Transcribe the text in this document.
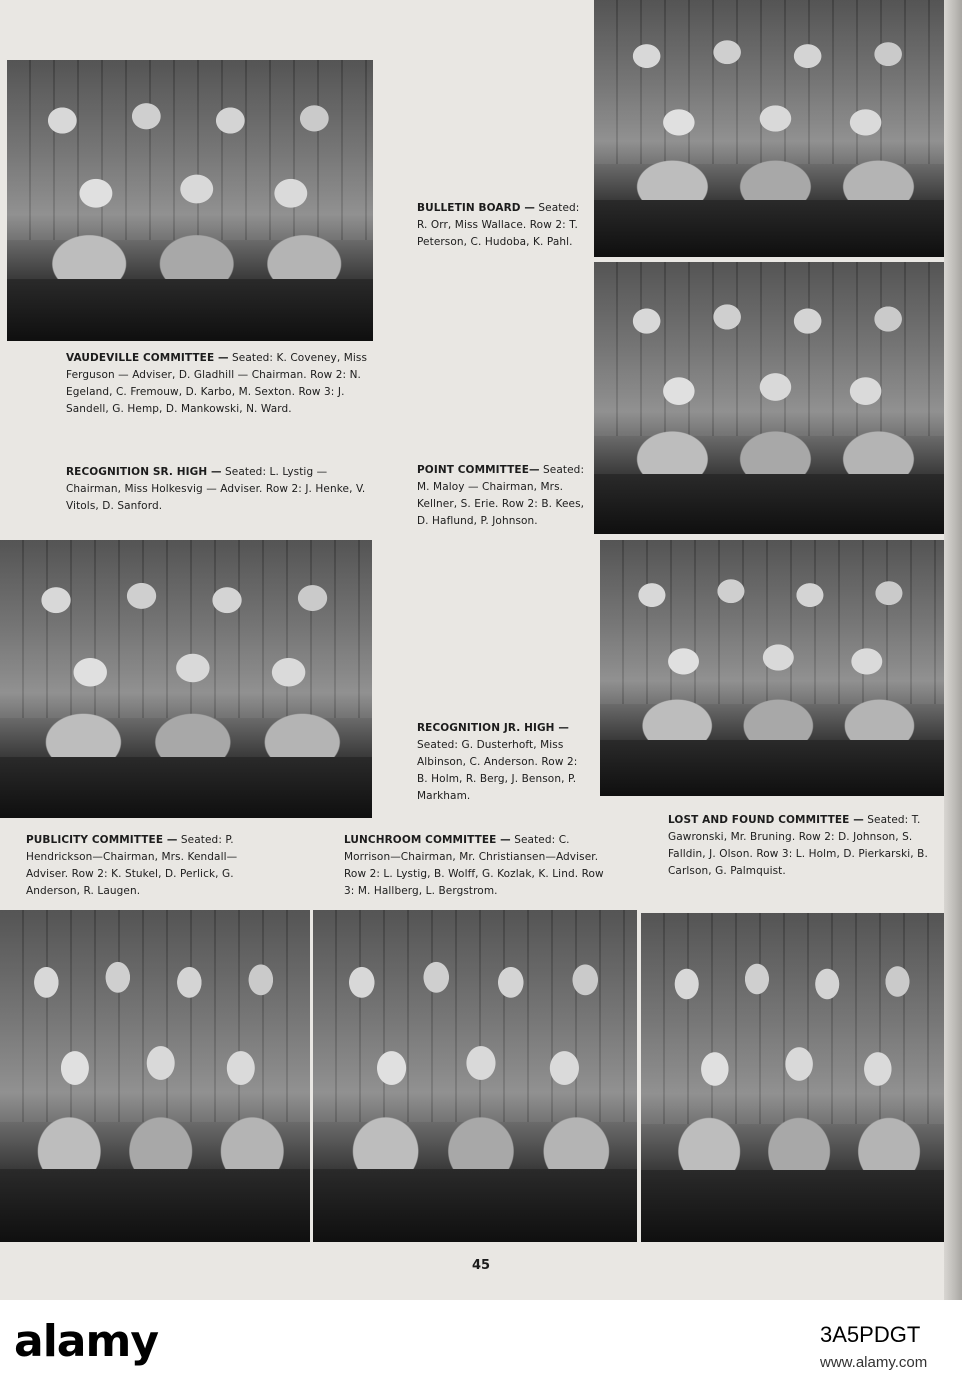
VAUDEVILLE COMMITTEE — Seated: K. Coveney, Miss Ferguson — Adviser, D. Gladhill — Chairman. Row 2: N. Egeland, C. Fremouw, D. Karbo, M. Sexton. Row 3: J. Sandell, G. Hemp, D. Mankowski, N. Ward.

RECOGNITION SR. HIGH — Seated: L. Lystig — Chairman, Miss Holkesvig — Adviser. Row 2: J. Henke, V. Vitols, D. Sanford.

BULLETIN BOARD — Seated: R. Orr, Miss Wallace. Row 2: T. Peterson, C. Hudoba, K. Pahl.

POINT COMMITTEE— Seated: M. Maloy — Chairman, Mrs. Kellner, S. Erie. Row 2: B. Kees, D. Haflund, P. Johnson.

RECOGNITION JR. HIGH — Seated: G. Dusterhoft, Miss Albinson, C. Anderson. Row 2: B. Holm, R. Berg, J. Benson, P. Markham.

PUBLICITY COMMITTEE — Seated: P. Hendrickson—Chairman, Mrs. Kendall—Adviser. Row 2: K. Stukel, D. Perlick, G. Anderson, R. Laugen.

LUNCHROOM COMMITTEE — Seated: C. Morrison—Chairman, Mr. Christiansen—Adviser. Row 2: L. Lystig, B. Wolff, G. Kozlak, K. Lind. Row 3: M. Hallberg, L. Bergstrom.

LOST AND FOUND COMMITTEE — Seated: T. Gawronski, Mr. Bruning. Row 2: D. Johnson, S. Falldin, J. Olson. Row 3: L. Holm, D. Pierkarski, B. Carlson, G. Palmquist.

45
alamy	3A5PDGT
www.alamy.com
